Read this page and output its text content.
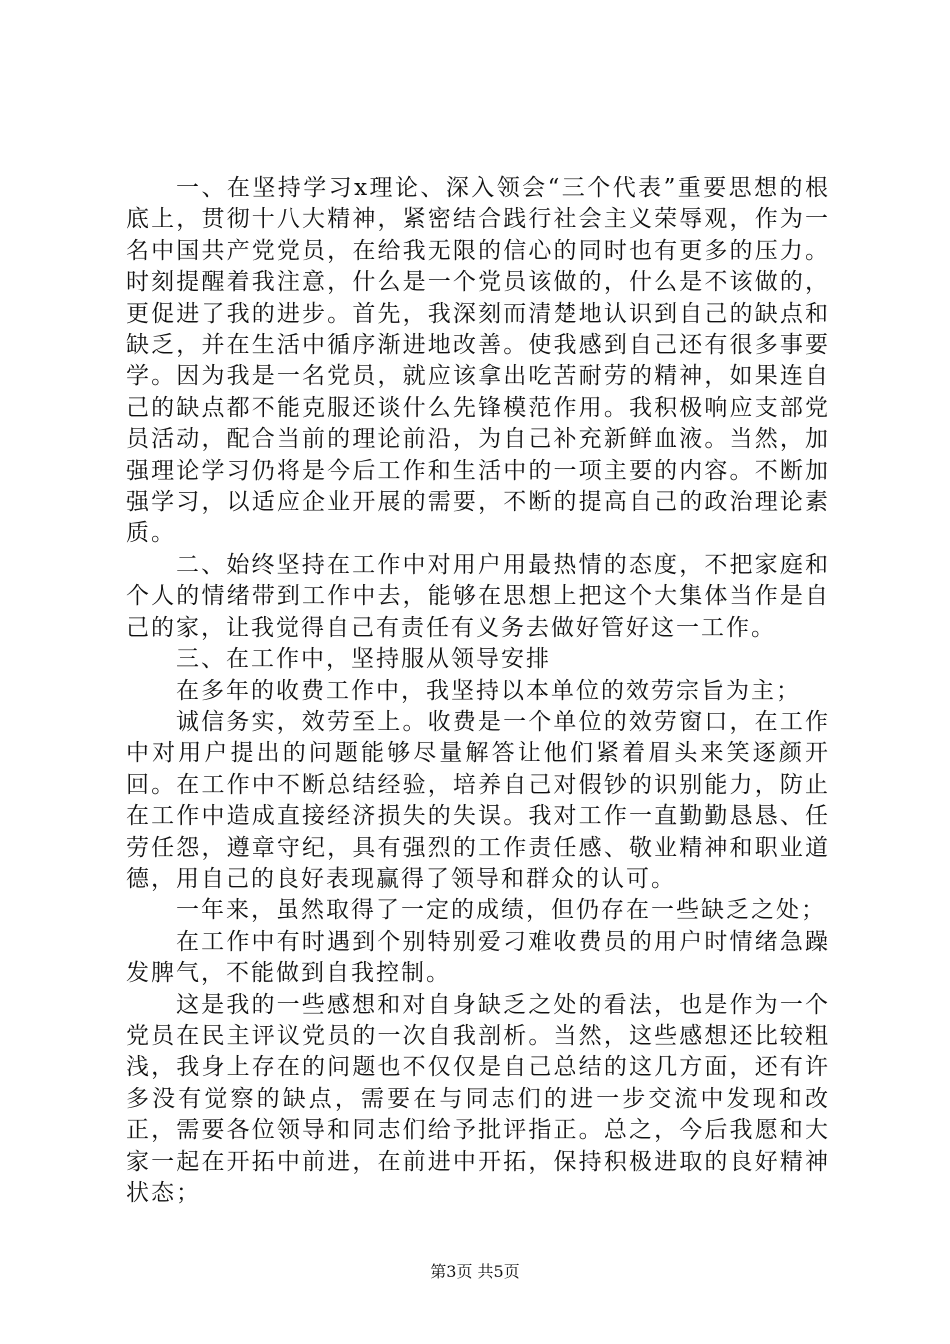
一、在坚持学习x理论、深入领会“三个代表”重要思想的根底上，贯彻十八大精神，紧密结合践行社会主义荣辱观，作为一名中国共产党党员，在给我无限的信心的同时也有更多的压力。时刻提醒着我注意，什么是一个党员该做的，什么是不该做的，更促进了我的进步。首先，我深刻而清楚地认识到自己的缺点和缺乏，并在生活中循序渐进地改善。使我感到自己还有很多事要学。因为我是一名党员，就应该拿出吃苦耐劳的精神，如果连自己的缺点都不能克服还谈什么先锋模范作用。我积极响应支部党员活动，配合当前的理论前沿，为自己补充新鲜血液。当然，加强理论学习仍将是今后工作和生活中的一项主要的内容。不断加强学习，以适应企业开展的需要，不断的提高自己的政治理论素质。

二、始终坚持在工作中对用户用最热情的态度，不把家庭和个人的情绪带到工作中去，能够在思想上把这个大集体当作是自己的家，让我觉得自己有责任有义务去做好管好这一工作。

三、在工作中，坚持服从领导安排

在多年的收费工作中，我坚持以本单位的效劳宗旨为主；

诚信务实，效劳至上。收费是一个单位的效劳窗口，在工作中对用户提出的问题能够尽量解答让他们紧着眉头来笑逐颜开回。在工作中不断总结经验，培养自己对假钞的识别能力，防止在工作中造成直接经济损失的失误。我对工作一直勤勤恳恳、任劳任怨，遵章守纪，具有强烈的工作责任感、敬业精神和职业道德，用自己的良好表现赢得了领导和群众的认可。

一年来，虽然取得了一定的成绩，但仍存在一些缺乏之处；

在工作中有时遇到个别特别爱刁难收费员的用户时情绪急躁发脾气，不能做到自我控制。

这是我的一些感想和对自身缺乏之处的看法，也是作为一个党员在民主评议党员的一次自我剖析。当然，这些感想还比较粗浅，我身上存在的问题也不仅仅是自己总结的这几方面，还有许多没有觉察的缺点，需要在与同志们的进一步交流中发现和改正，需要各位领导和同志们给予批评指正。总之，今后我愿和大家一起在开拓中前进，在前进中开拓，保持积极进取的良好精神状态；

第3页 共5页
